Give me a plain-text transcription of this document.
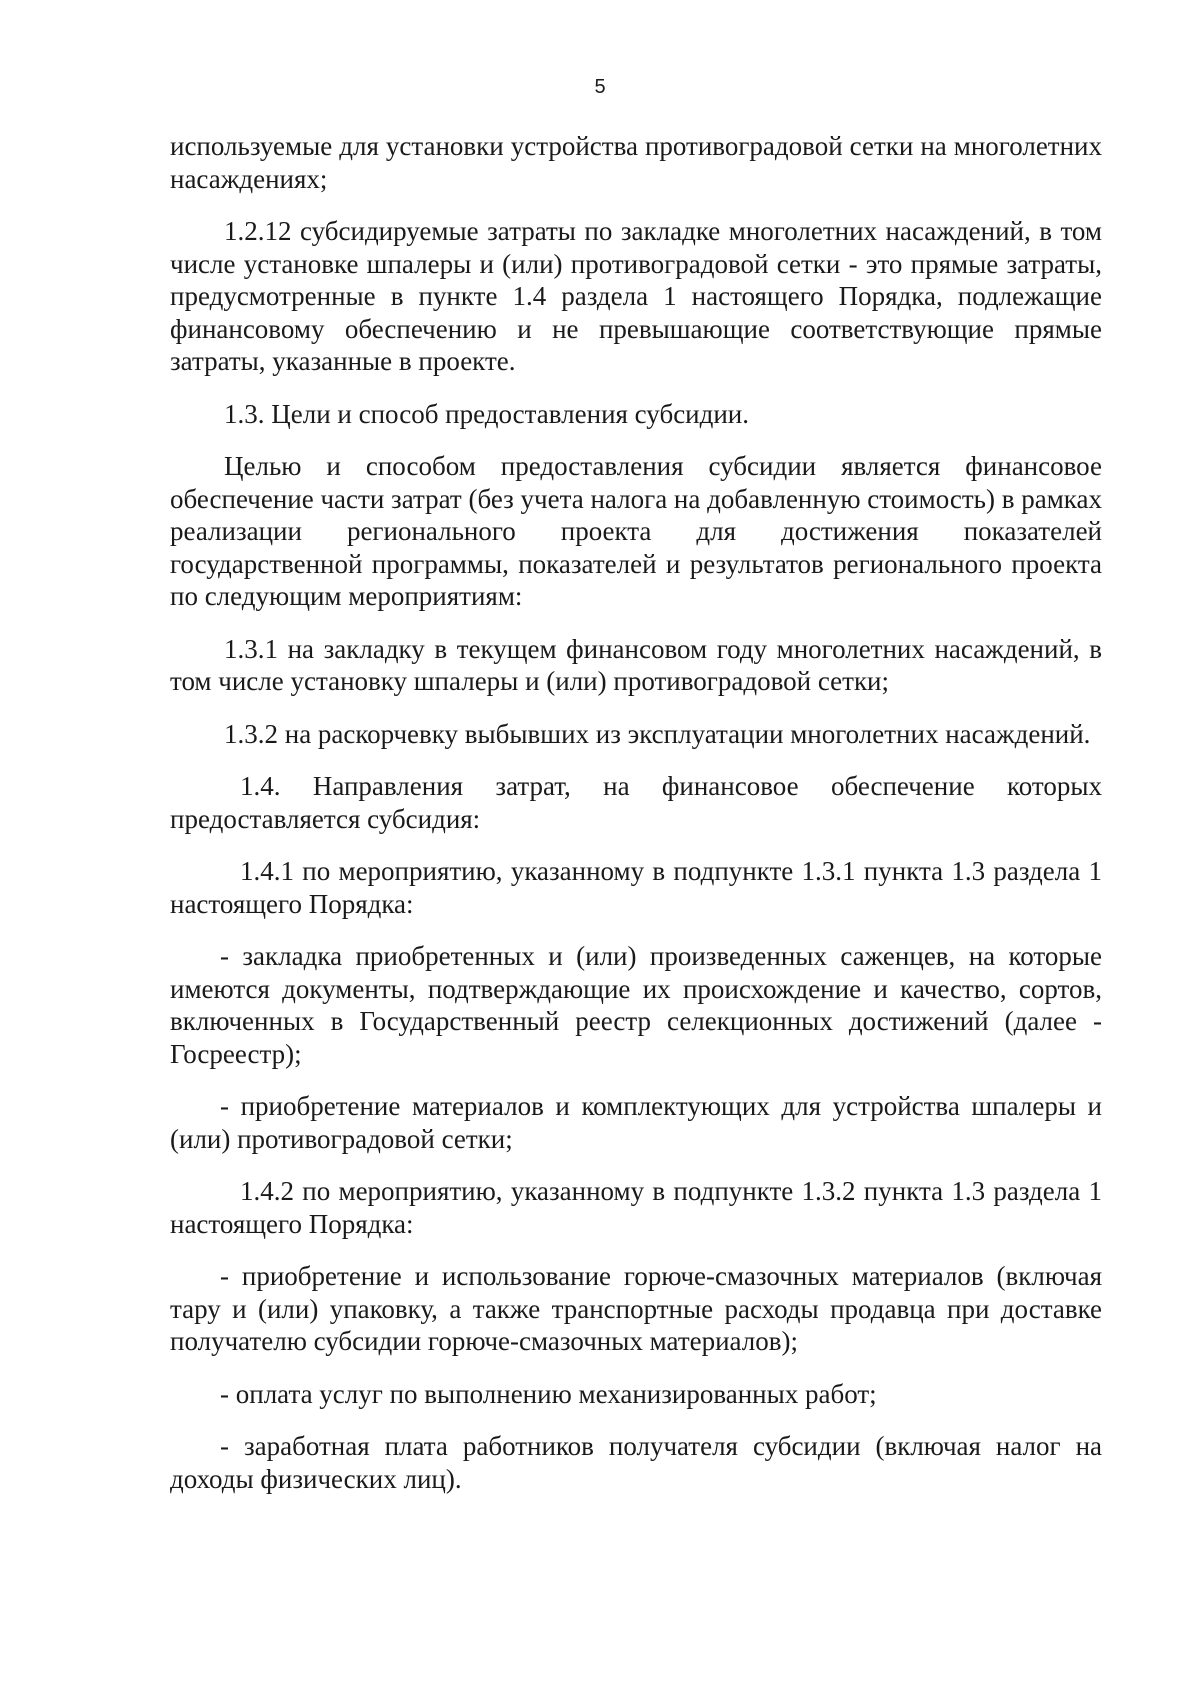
5

используемые для установки устройства противоградовой сетки на многолетних насаждениях;

1.2.12 субсидируемые затраты по закладке многолетних насаждений, в том числе установке шпалеры и (или) противоградовой сетки - это прямые затраты, предусмотренные в пункте 1.4 раздела 1 настоящего Порядка, подлежащие финансовому обеспечению и не превышающие соответствующие прямые затраты, указанные в проекте.

1.3. Цели и способ предоставления субсидии.

Целью и способом предоставления субсидии является финансовое обеспечение части затрат (без учета налога на добавленную стоимость) в рамках реализации регионального проекта для достижения показателей государственной программы, показателей и результатов регионального проекта по следующим мероприятиям:

1.3.1 на закладку в текущем финансовом году многолетних насаждений, в том числе установку шпалеры и (или) противоградовой сетки;

1.3.2 на раскорчевку выбывших из эксплуатации многолетних насаждений.

1.4. Направления затрат, на финансовое обеспечение которых предоставляется субсидия:

1.4.1 по мероприятию, указанному в подпункте 1.3.1 пункта 1.3 раздела 1 настоящего Порядка:

- закладка приобретенных и (или) произведенных саженцев, на которые имеются документы, подтверждающие их происхождение и качество, сортов, включенных в Государственный реестр селекционных достижений (далее - Госреестр);

- приобретение материалов и комплектующих для устройства шпалеры и (или) противоградовой сетки;

1.4.2 по мероприятию, указанному в подпункте 1.3.2 пункта 1.3 раздела 1 настоящего Порядка:

- приобретение и использование горюче-смазочных материалов (включая тару и (или) упаковку, а также транспортные расходы продавца при доставке получателю субсидии горюче-смазочных материалов);

- оплата услуг по выполнению механизированных работ;

- заработная плата работников получателя субсидии (включая налог на доходы физических лиц).
